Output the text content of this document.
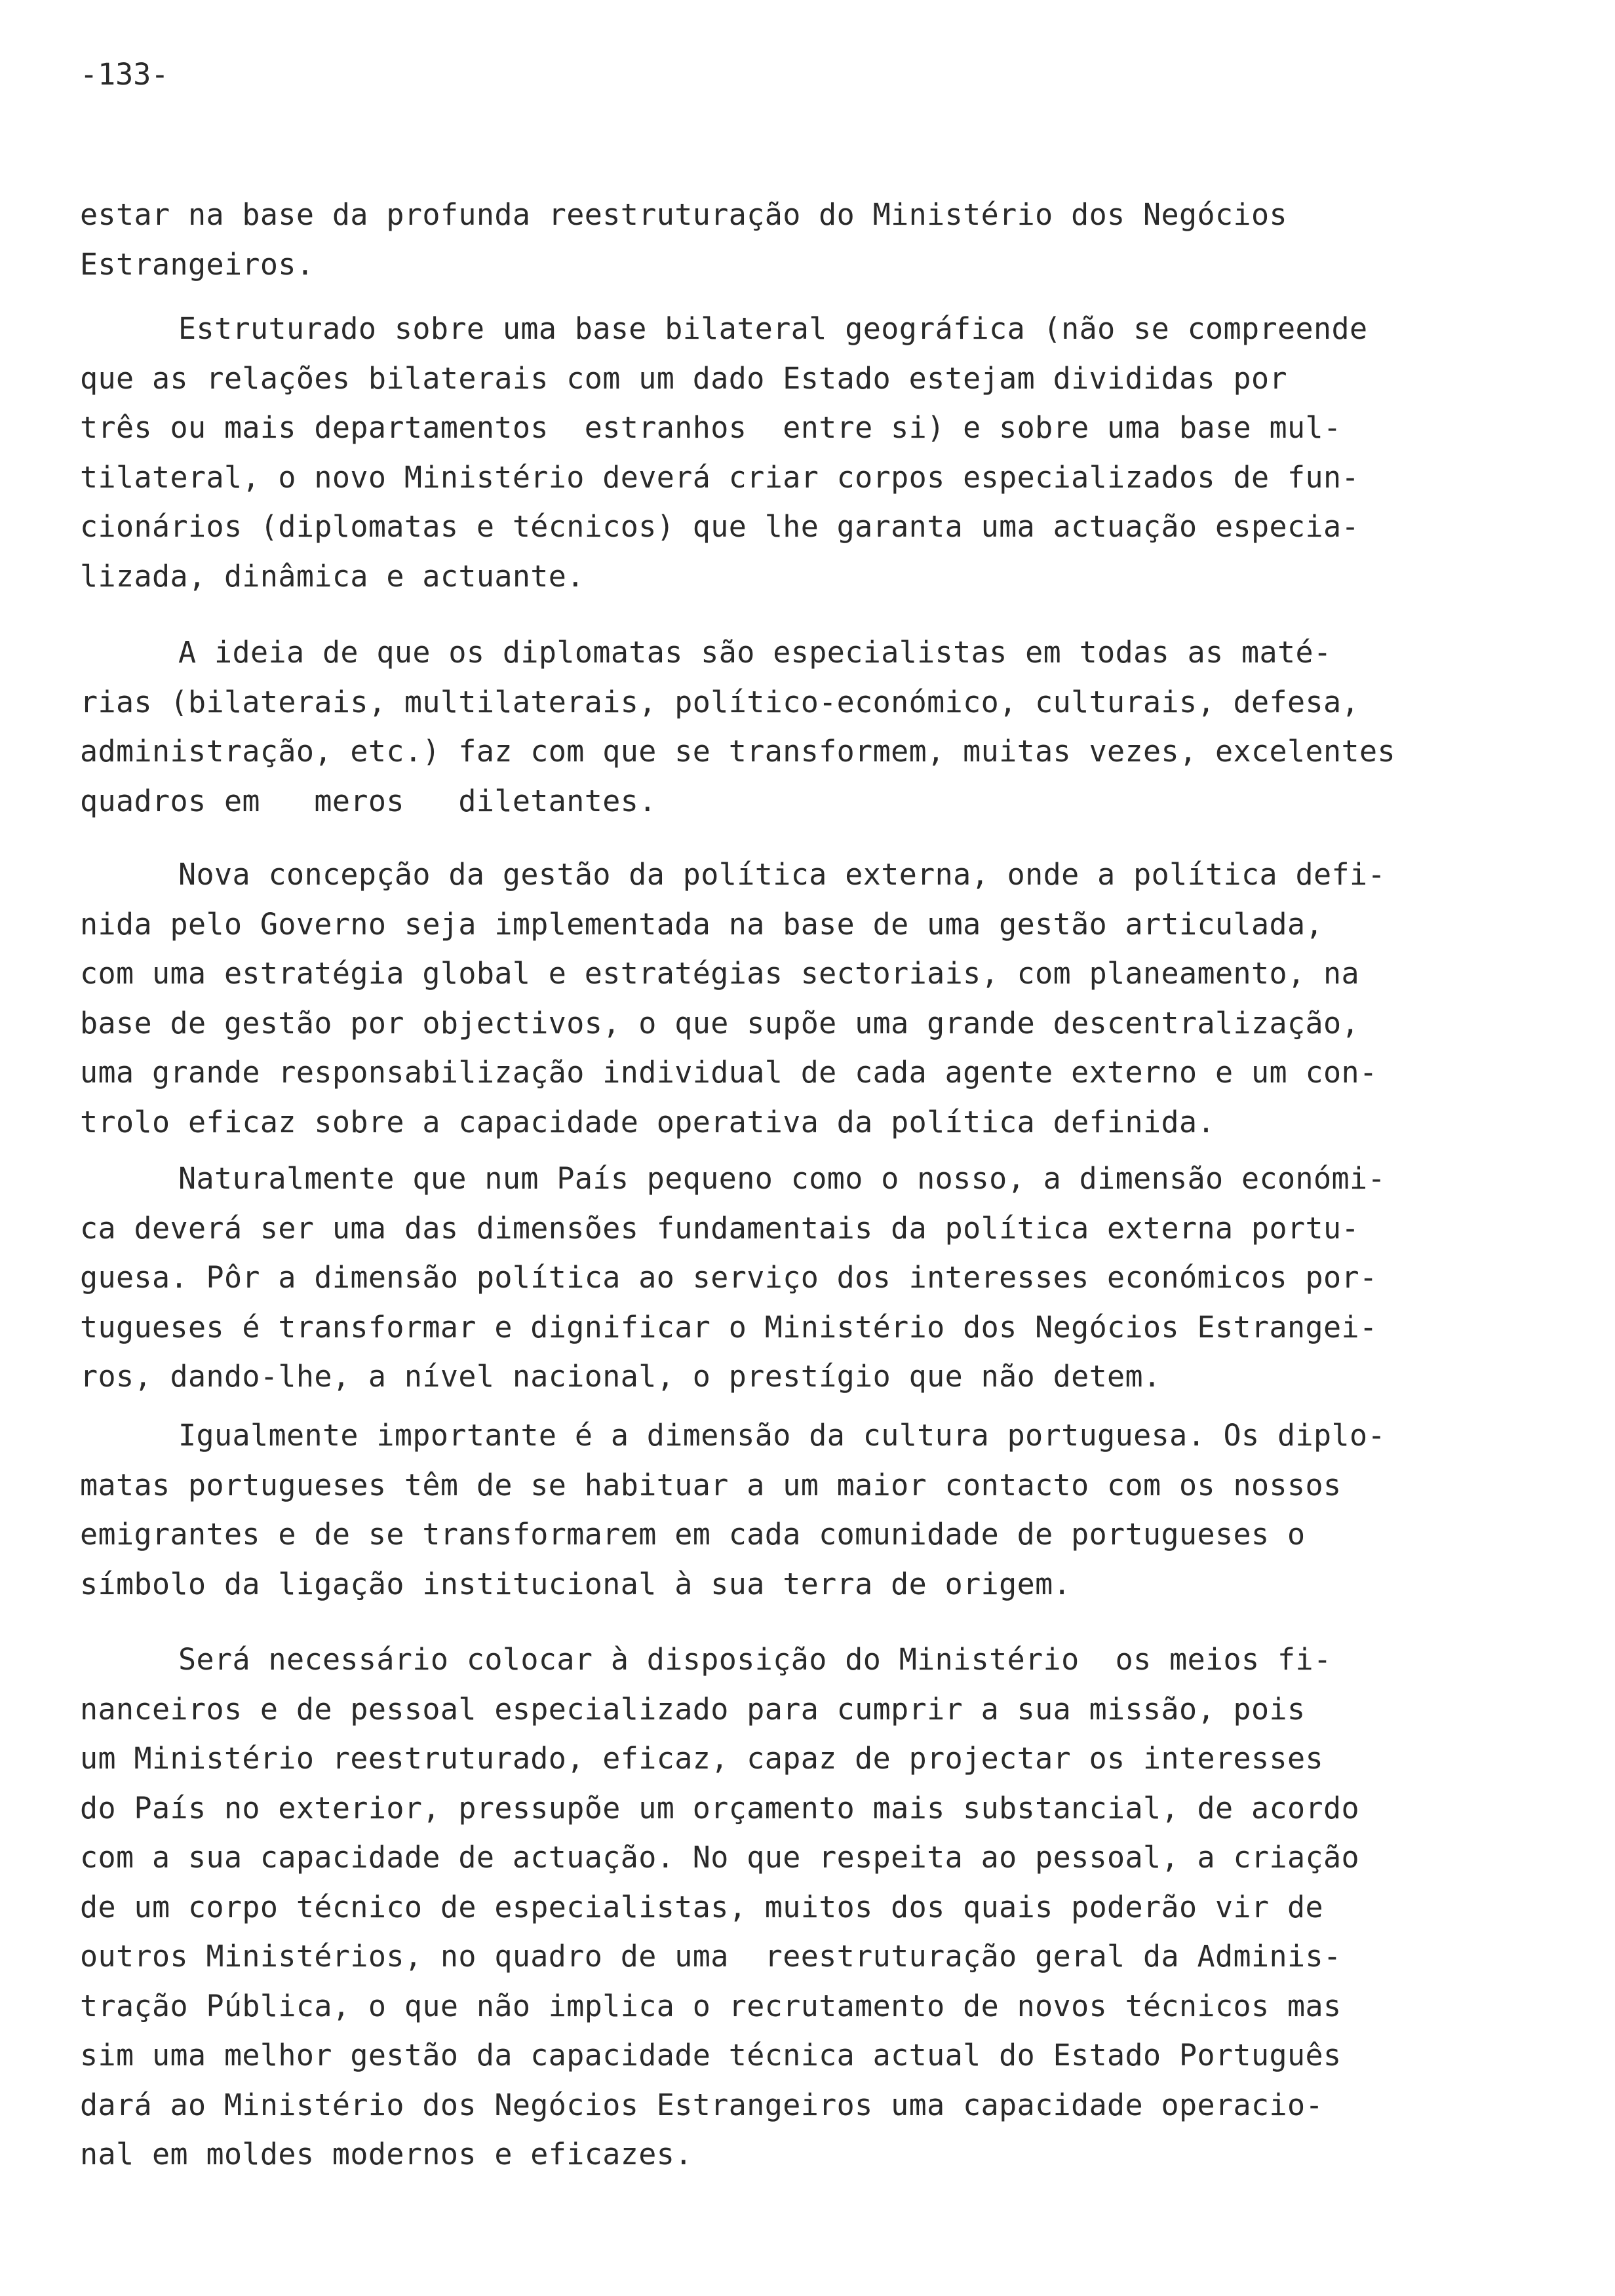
-133-
estar na base da profunda reestruturação do Ministério dos Negócios
Estrangeiros.
Estruturado sobre uma base bilateral geográfica (não se compreende
que as relações bilaterais com um dado Estado estejam divididas por
três ou mais departamentos  estranhos  entre si) e sobre uma base mul-
tilateral, o novo Ministério deverá criar corpos especializados de fun-
cionários (diplomatas e técnicos) que lhe garanta uma actuação especia-
lizada, dinâmica e actuante.
A ideia de que os diplomatas são especialistas em todas as maté-
rias (bilaterais, multilaterais, político-económico, culturais, defesa,
administração, etc.) faz com que se transformem, muitas vezes, excelentes
quadros em   meros   diletantes.
Nova concepção da gestão da política externa, onde a política defi-
nida pelo Governo seja implementada na base de uma gestão articulada,
com uma estratégia global e estratégias sectoriais, com planeamento, na
base de gestão por objectivos, o que supõe uma grande descentralização,
uma grande responsabilização individual de cada agente externo e um con-
trolo eficaz sobre a capacidade operativa da política definida.
Naturalmente que num País pequeno como o nosso, a dimensão económi-
ca deverá ser uma das dimensões fundamentais da política externa portu-
guesa. Pôr a dimensão política ao serviço dos interesses económicos por-
tugueses é transformar e dignificar o Ministério dos Negócios Estrangei-
ros, dando-lhe, a nível nacional, o prestígio que não detem.
Igualmente importante é a dimensão da cultura portuguesa. Os diplo-
matas portugueses têm de se habituar a um maior contacto com os nossos
emigrantes e de se transformarem em cada comunidade de portugueses o
símbolo da ligação institucional à sua terra de origem.
Será necessário colocar à disposição do Ministério  os meios fi-
nanceiros e de pessoal especializado para cumprir a sua missão, pois
um Ministério reestruturado, eficaz, capaz de projectar os interesses
do País no exterior, pressupõe um orçamento mais substancial, de acordo
com a sua capacidade de actuação. No que respeita ao pessoal, a criação
de um corpo técnico de especialistas, muitos dos quais poderão vir de
outros Ministérios, no quadro de uma  reestruturação geral da Adminis-
tração Pública, o que não implica o recrutamento de novos técnicos mas
sim uma melhor gestão da capacidade técnica actual do Estado Português
dará ao Ministério dos Negócios Estrangeiros uma capacidade operacio-
nal em moldes modernos e eficazes.
